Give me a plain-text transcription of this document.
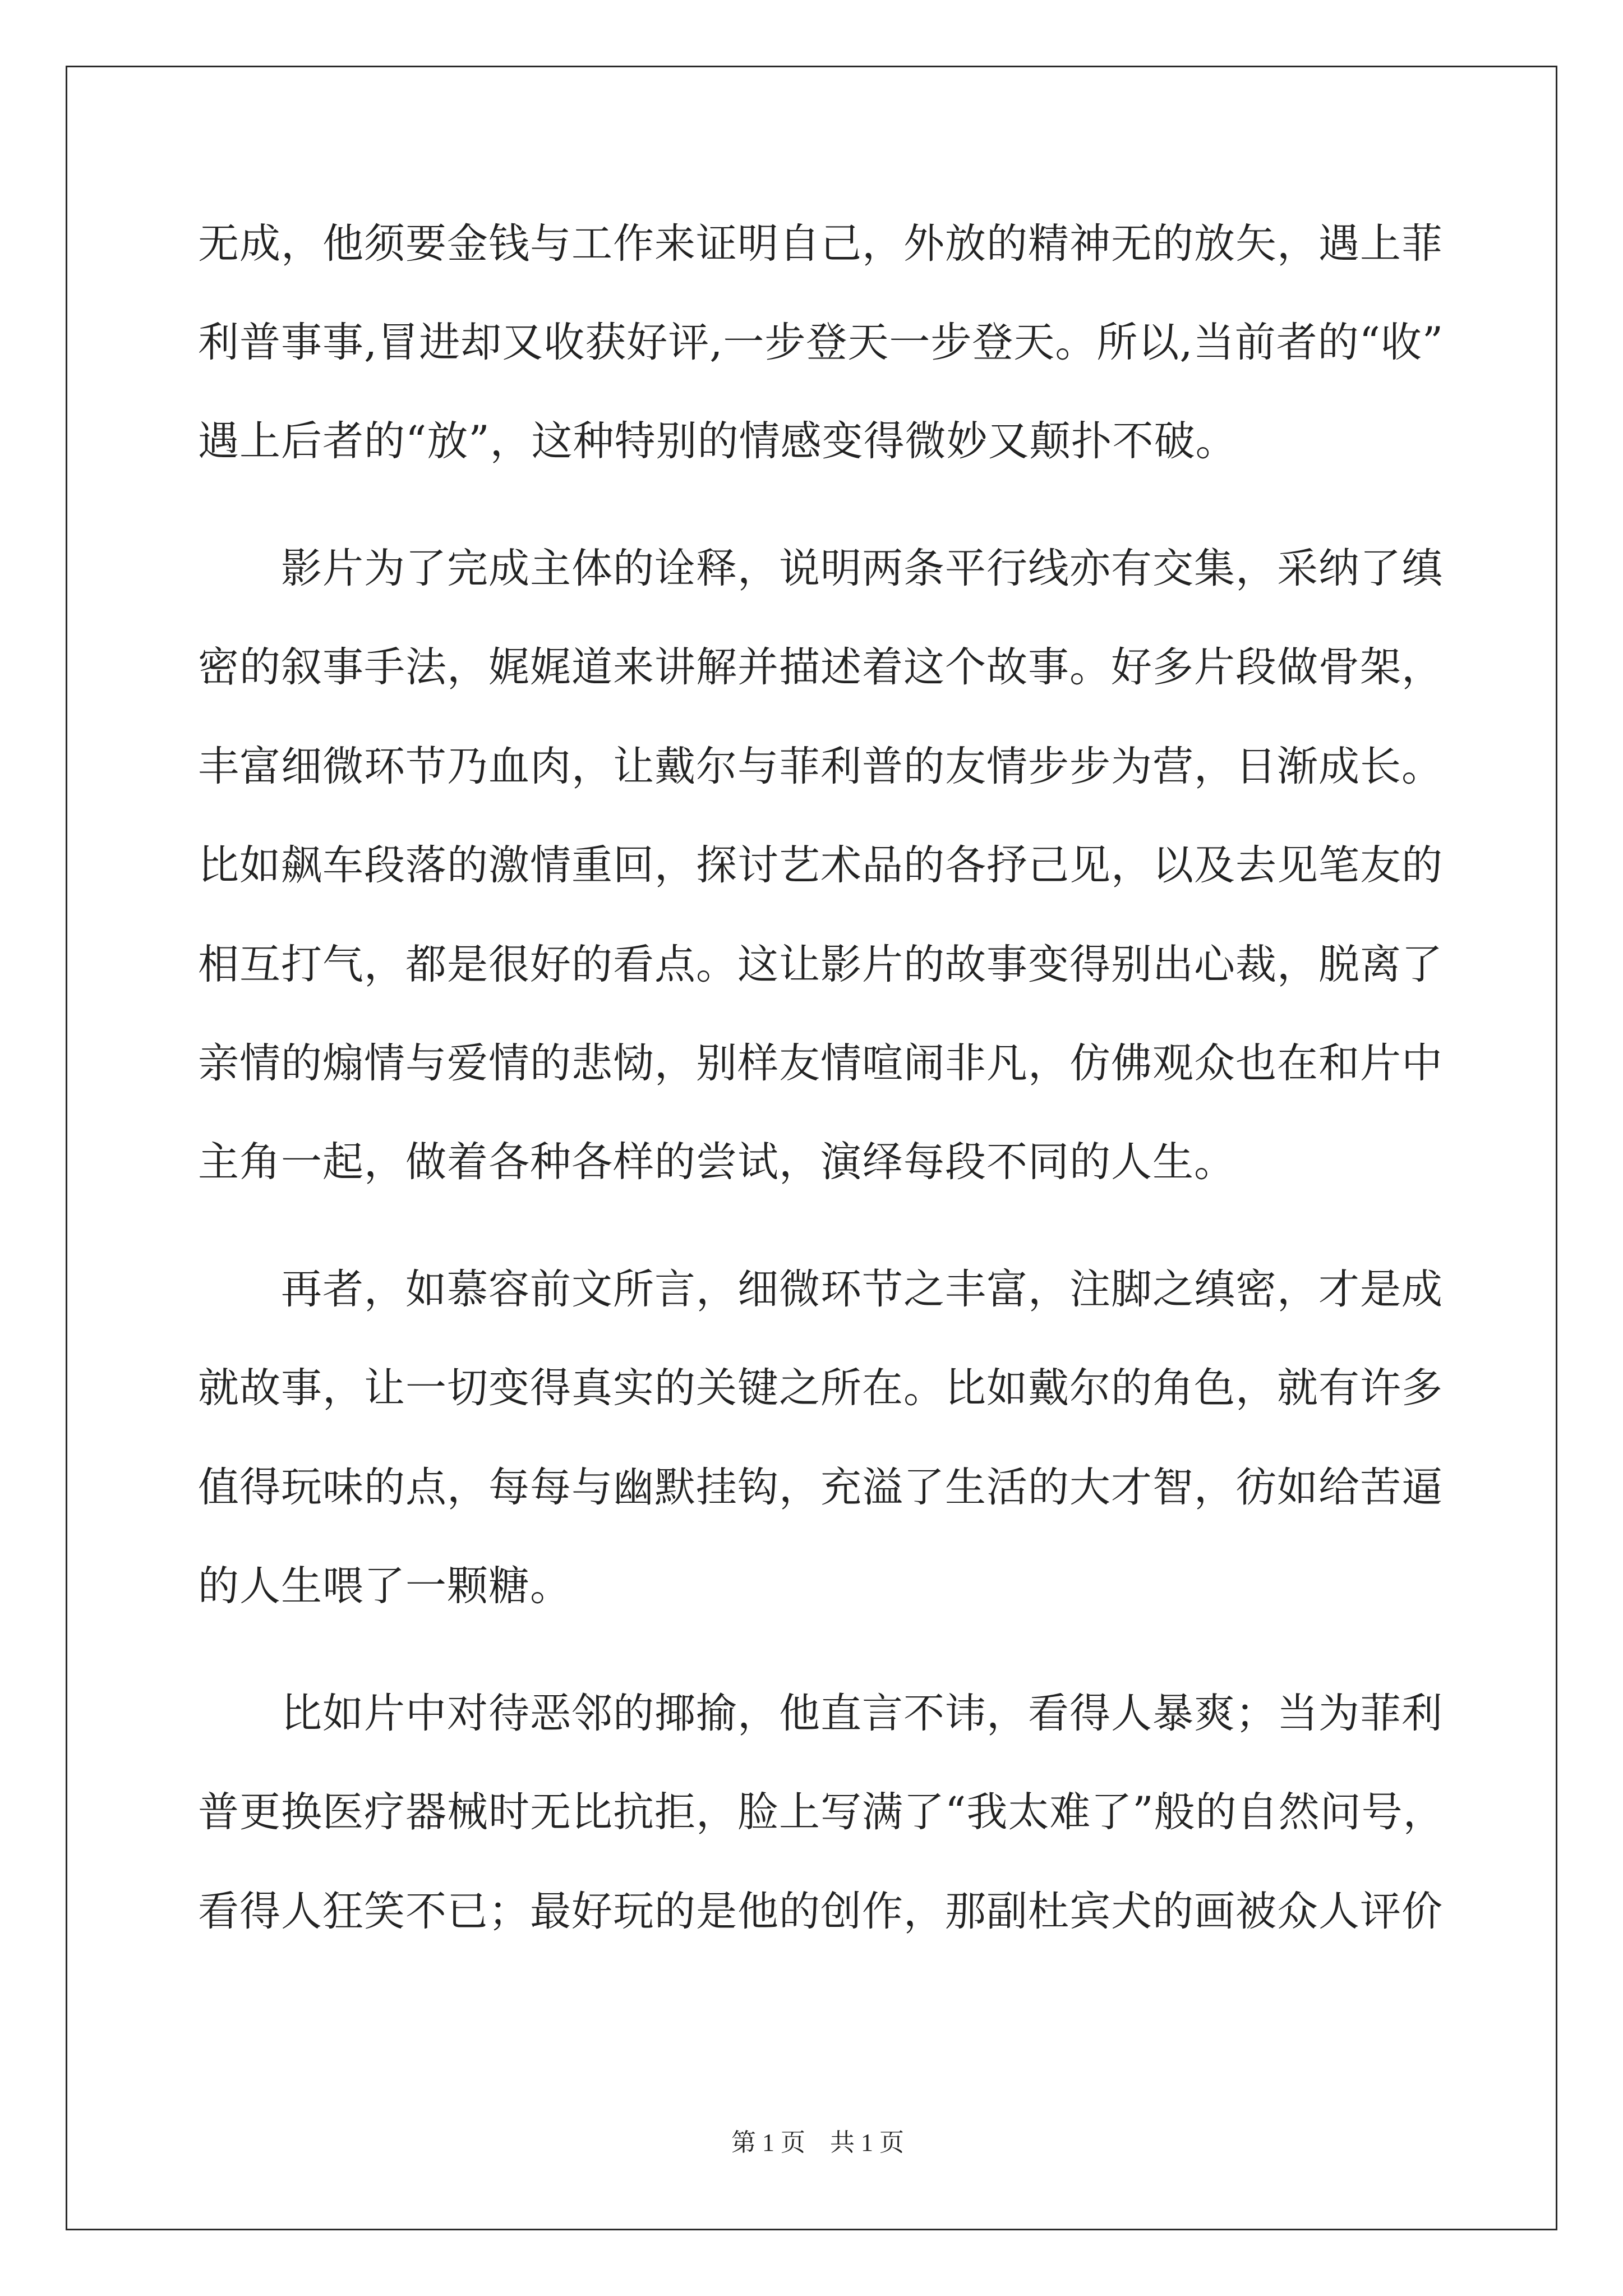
无成，他须要金钱与工作来证明自己，外放的精神无的放矢，遇上菲
利普事事,冒进却又收获好评,一步登天一步登天。所以,当前者的“收”
遇上后者的“放”，这种特别的情感变得微妙又颠扑不破。
　　影片为了完成主体的诠释，说明两条平行线亦有交集，采纳了缜
密的叙事手法，娓娓道来讲解并描述着这个故事。好多片段做骨架，
丰富细微环节乃血肉，让戴尔与菲利普的友情步步为营，日渐成长。
比如飙车段落的激情重回，探讨艺术品的各抒己见，以及去见笔友的
相互打气，都是很好的看点。这让影片的故事变得别出心裁，脱离了
亲情的煽情与爱情的悲恸，别样友情喧闹非凡，仿佛观众也在和片中
主角一起，做着各种各样的尝试，演绎每段不同的人生。
　　再者，如慕容前文所言，细微环节之丰富，注脚之缜密，才是成
就故事，让一切变得真实的关键之所在。比如戴尔的角色，就有许多
值得玩味的点，每每与幽默挂钩，充溢了生活的大才智，彷如给苦逼
的人生喂了一颗糖。
　　比如片中对待恶邻的揶揄，他直言不讳，看得人暴爽；当为菲利
普更换医疗器械时无比抗拒，脸上写满了“我太难了”般的自然问号，
看得人狂笑不已；最好玩的是他的创作，那副杜宾犬的画被众人评价

第 1 页　共 1 页
